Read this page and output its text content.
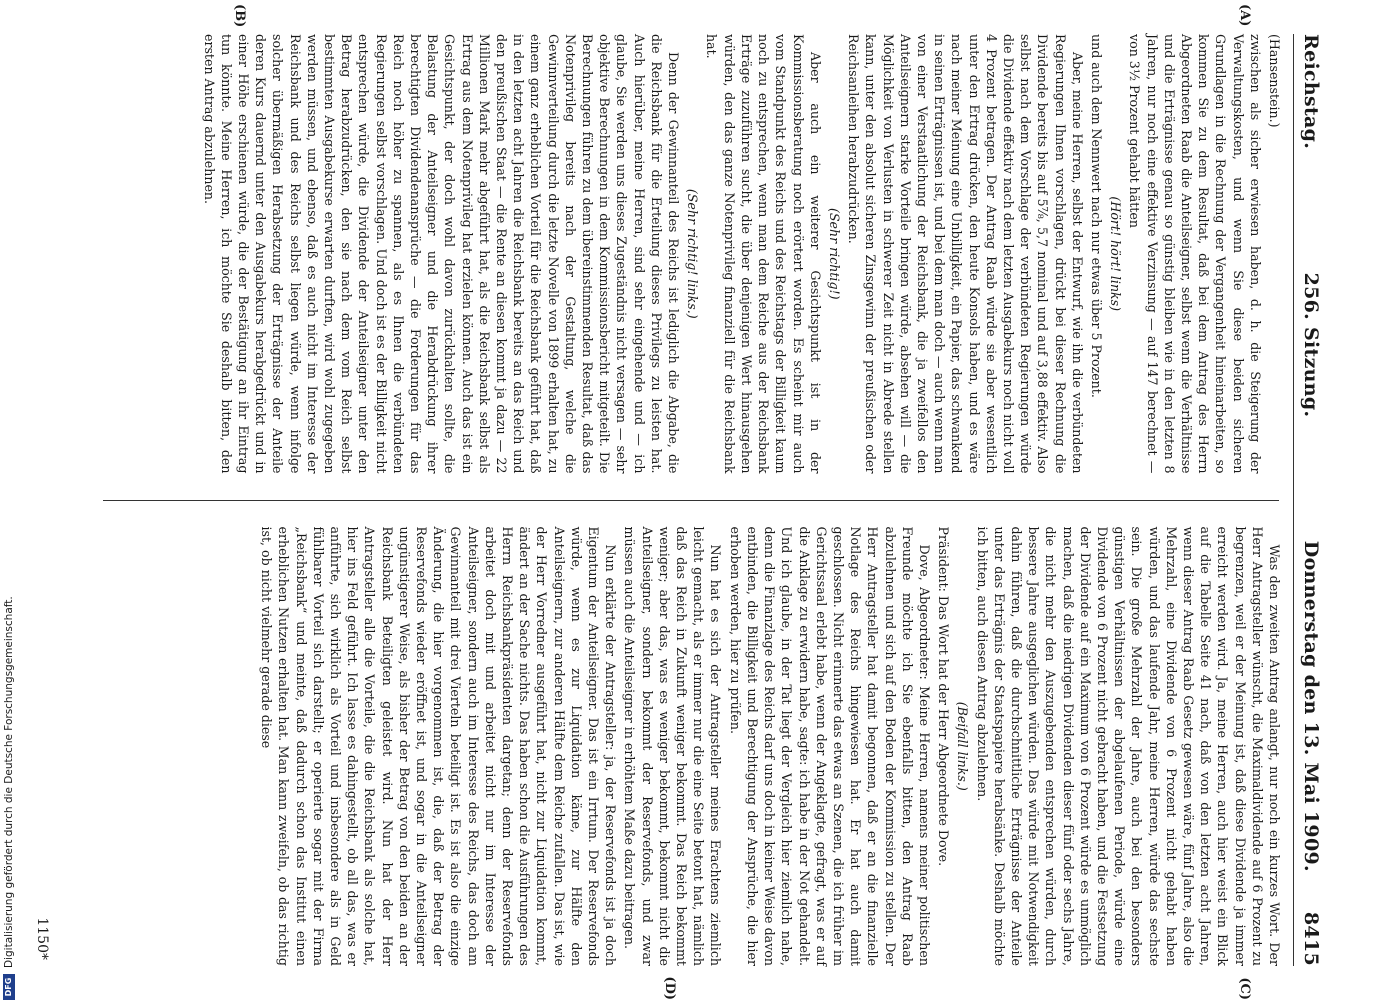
Reichstag.
256. Sitzung.
Donnerstag den 13. Mai 1909.
8415
(A)
(B)

(Hansenstein.)

zwischen als sicher erwiesen haben, d. h. die Steigerung der Verwaltungskosten, und wenn Sie diese beiden sicheren Grundlagen in die Rechnung der Vergangenheit hineinarbeiten, so kommen Sie zu dem Resultat, daß bei dem Antrag des Herrn Abgeordneten Raab die Anteilseigner, selbst wenn die Verhältnisse und die Erträgnisse genau so günstig bleiben wie in den letzten 8 Jahren, nur noch eine effektive Verzinsung — auf 147 berechnet — von 3½ Prozent gehabt hätten

(Hört! hört! links)

und auch dem Nennwert nach nur etwas über 5 Prozent.

Aber, meine Herren, selbst der Entwurf, wie ihn die verbündeten Regierungen Ihnen vorschlagen, drückt bei dieser Rechnung die Dividende bereits bis auf 5⅞, 5,7 nominal und auf 3,88 effektiv. Also selbst nach dem Vorschlage der verbündeten Regierungen würde die Dividende effektiv nach dem letzten Ausgabekurs noch nicht voll 4 Prozent betragen. Der Antrag Raab würde sie aber wesentlich unter den Ertrag drücken, den heute Konsols haben, und es wäre nach meiner Meinung eine Unbilligkeit, ein Papier, das schwankend in seinen Erträgnissen ist, und bei dem man doch — auch wenn man von einer Verstaatlichung der Reichsbank, die ja zweifellos den Anteilseignern starke Vorteile bringen würde, absehen will — die Möglichkeit von Verlusten in schwerer Zeit nicht in Abrede stellen kann, unter den absolut sicheren Zinsgewinn der preußischen oder Reichsanleihen herabzudrücken.

(Sehr richtig!)

Aber auch ein weiterer Gesichtspunkt ist in der Kommissionsberatung noch erörtert worden. Es scheint mir auch vom Standpunkt des Reichs und des Reichstags der Billigkeit kaum noch zu entsprechen, wenn man dem Reiche aus der Reichsbank Erträge zuzuführen sucht, die über denjenigen Wert hinausgehen würden, den das ganze Notenprivileg finanziell für die Reichsbank hat.

(Sehr richtig! links.)

Denn der Gewinnanteil des Reichs ist lediglich die Abgabe, die die Reichsbank für die Erteilung dieses Privilegs zu leisten hat. Auch hierüber, meine Herren, sind sehr eingehende und — ich glaube, Sie werden uns dieses Zugeständnis nicht versagen — sehr objektive Berechnungen in dem Kommissionsbericht mitgeteilt. Die Berechnungen führen zu dem übereinstimmenden Resultat, daß das Notenprivileg bereits nach der Gestaltung, welche die Gewinnverteilung durch die letzte Novelle von 1899 erhalten hat, zu einem ganz erheblichen Vorteil für die Reichsbank geführt hat, daß in den letzten acht Jahren die Reichsbank bereits an das Reich und den preußischen Staat — die Rente an diesen kommt ja dazu — 22 Millionen Mark mehr abgeführt hat, als die Reichsbank selbst als Ertrag aus dem Notenprivileg hat erzielen können. Auch das ist ein Gesichtspunkt, der doch wohl davon zurückhalten sollte, die Belastung der Anteilseigner und die Herabdrückung ihrer berechtigten Dividendenansprüche — die Forderungen für das Reich noch höher zu spannen, als es Ihnen die verbündeten Regierungen selbst vorschlagen. Und doch ist es der Billigkeit nicht entsprechen würde, die Dividende der Anteilseigner unter den Betrag herabzudrücken, den sie nach dem vom Reich selbst bestimmten Ausgabekurse erwarten durften, wird wohl zugegeben werden müssen, und ebenso, daß es auch nicht im Interesse der Reichsbank und des Reichs selbst liegen würde, wenn infolge solcher übermäßigen Herabsetzung der Erträgnisse der Anteile deren Kurs dauernd unter den Ausgabekurs herabgedrückt und in einer Höhe erschienen würde, die der Bestätigung an ihr Eintrag tun könnte. Meine Herren, ich möchte Sie deshalb bitten, den ersten Antrag abzulehnen.

(C)
(D)

Was den zweiten Antrag anlangt, nur noch ein kurzes Wort. Der Herr Antragsteller wünscht, die Maximaldividende auf 6 Prozent zu begrenzen, weil er der Meinung ist, daß diese Dividende ja immer erreicht werden wird. Ja, meine Herren, auch hier weist ein Blick auf die Tabelle Seite 41 nach, daß von den letzten acht Jahren, wenn dieser Antrag Raab Gesetz gewesen wäre, fünf Jahre, also die Mehrzahl, eine Dividende von 6 Prozent nicht gehabt haben würden, und das laufende Jahr, meine Herren, würde das sechste sein. Die große Mehrzahl der Jahre, auch bei den besonders günstigen Verhältnissen der abgelaufenen Periode, würde eine Dividende von 6 Prozent nicht gebracht haben, und die Festsetzung der Dividende auf ein Maximum von 6 Prozent würde es unmöglich machen, daß die niedrigen Dividenden dieser fünf oder sechs Jahre, die nicht mehr den Auszugebenden entsprechen würden, durch bessere Jahre ausgeglichen würden. Das würde mit Notwendigkeit dahin führen, daß die durchschnittliche Erträgnisse der Anteile unter das Erträgnis der Staatspapiere herabsänke. Deshalb möchte ich bitten, auch diesen Antrag abzulehnen.

(Beifall links.)

Präsident: Das Wort hat der Herr Abgeordnete Dove.

Dove, Abgeordneter: Meine Herren, namens meiner politischen Freunde möchte ich Sie ebenfalls bitten, den Antrag Raab abzulehnen und sich auf den Boden der Kommission zu stellen. Der Herr Antragsteller hat damit begonnen, daß er an die finanzielle Notlage des Reichs hingewiesen hat. Er hat auch damit geschlossen. Nicht erinnerte das etwas an Szenen, die ich früher im Gerichtssaal erlebt habe, wenn der Angeklagte, gefragt, was er auf die Anklage zu erwidern habe, sagte: ich habe in der Not gehandelt. Und ich glaube, in der Tat liegt der Vergleich hier ziemlich nahe, denn die Finanzlage des Reichs darf uns doch in keiner Weise davon entbinden, die Billigkeit und Berechtigung der Ansprüche, die hier erhoben werden, hier zu prüfen.

Nun hat es sich der Antragsteller meines Erachtens ziemlich leicht gemacht, als er immer nur die eine Seite betont hat, nämlich daß das Reich in Zukunft weniger bekommt. Das Reich bekommt weniger; aber das, was es weniger bekommt, bekommt nicht die Anteilseigner, sondern bekommt der Reservefonds, und zwar müssen auch die Anteilseigner in erhöhtem Maße dazu beitragen.

Nun erklärte der Antragsteller: ja, der Reservefonds ist ja doch Eigentum der Anteilseigner. Das ist ein Irrtum. Der Reservefonds würde, wenn es zur Liquidation käme, zur Hälfte den Anteilseignern, zur anderen Hälfte dem Reiche zufallen. Das ist, wie der Herr Vorredner ausgeführt hat, nicht zur Liquidation kommt, ändert an der Sache nichts. Das haben schon die Ausführungen des Herrn Reichsbankpräsidenten dargetan; denn der Reservefonds arbeitet doch mit und arbeitet nicht nur im Interesse der Anteilseigner, sondern auch im Interesse des Reichs, das doch am Gewinnanteil mit drei Vierteln beteiligt ist. Es ist also die einzige Änderung, die hier vorgenommen ist, die, daß der Betrag der Reservefonds wieder eröffnet ist, und sogar in die Anteilseigner ungünstigerer Weise, als bisher der Betrag von den beiden an der Reichsbank Beteiligten geleistet wird. Nun hat der Herr Antragsteller alle die Vorteile, die die Reichsbank als solche hat, hier ins Feld geführt. Ich lasse es dahingestellt, ob all das, was er anführte, sich wirklich als Vorteil und insbesondere als in Geld fühlbarer Vorteil sich darstellt; er operierte sogar mit der Firma „Reichsbank“ und meinte, daß dadurch schon das Institut einen erheblichen Nutzen erhalten hat. Man kann zweifeln, ob das richtig ist, ob nicht vielmehr gerade diese

1150*
DFG
Digitalisierung gefördert durch die Deutsche Forschungsgemeinschaft.
